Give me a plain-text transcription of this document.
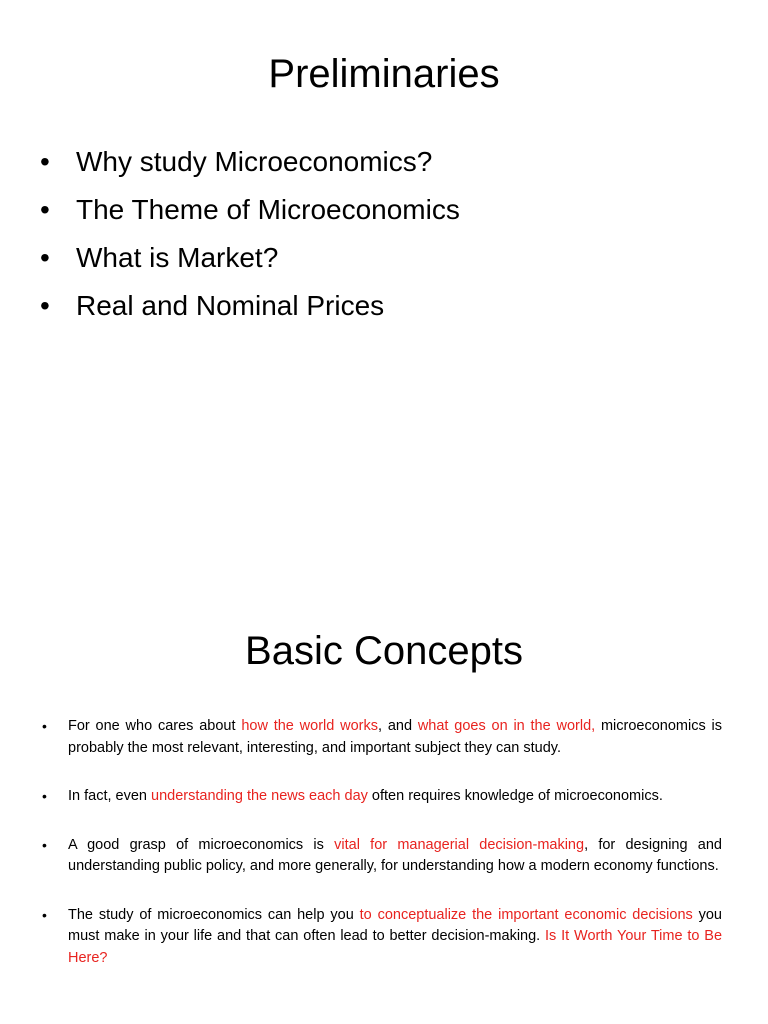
Preliminaries
• Why study Microeconomics?
• The Theme of Microeconomics
• What is Market?
• Real and Nominal Prices
Basic Concepts
• For one who cares about how the world works, and what goes on in the world, microeconomics is probably the most relevant, interesting, and important subject they can study.
• In fact, even understanding the news each day often requires knowledge of microeconomics.
• A good grasp of microeconomics is vital for managerial decision-making, for designing and understanding public policy, and more generally, for understanding how a modern economy functions.
• The study of microeconomics can help you to conceptualize the important economic decisions you must make in your life and that can often lead to better decision-making. Is It Worth Your Time to Be Here?
